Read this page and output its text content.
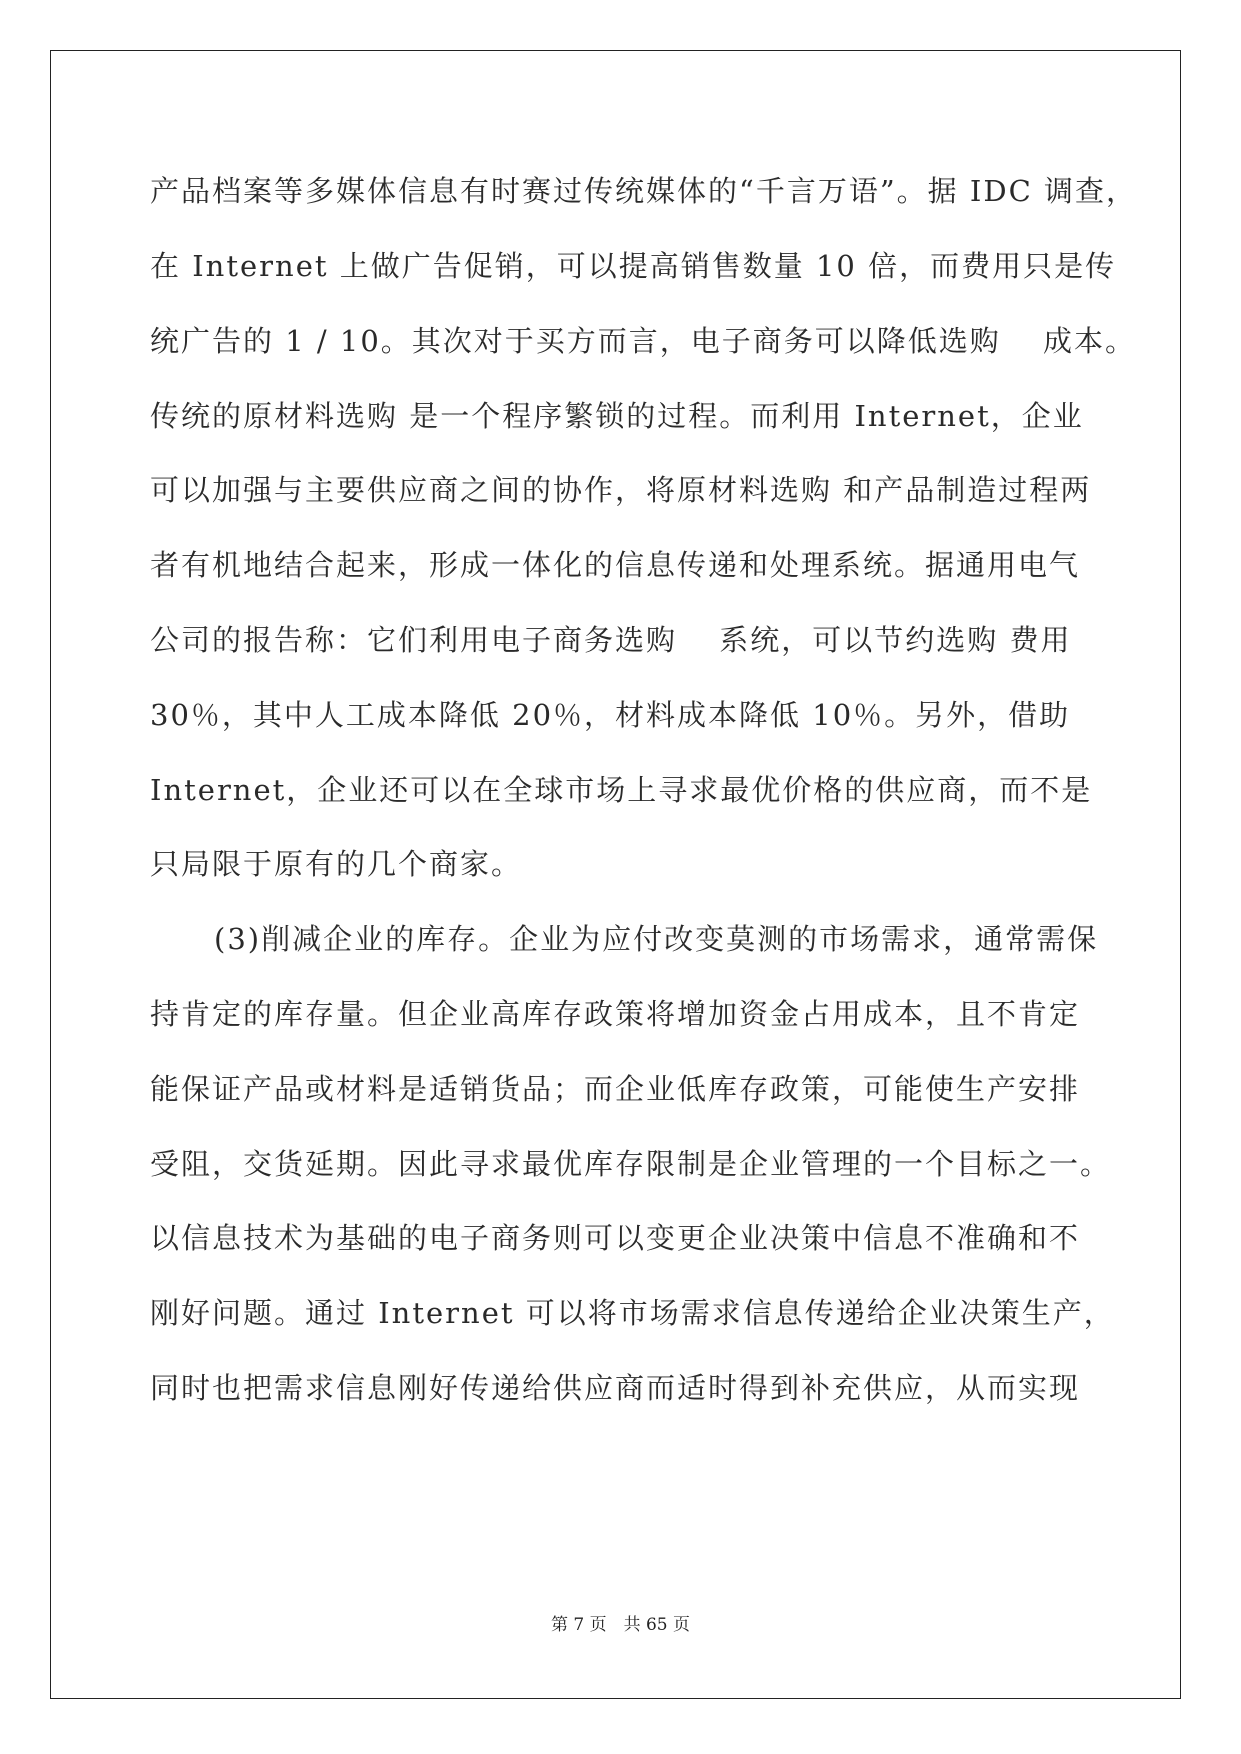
产品档案等多媒体信息有时赛过传统媒体的“千言万语”。据 IDC 调查，
在 Internet 上做广告促销，可以提高销售数量 10 倍，而费用只是传
统广告的 1 / 10。其次对于买方而言，电子商务可以降低选购　 成本。
传统的原材料选购 是一个程序繁锁的过程。而利用 Internet，企业
可以加强与主要供应商之间的协作，将原材料选购 和产品制造过程两
者有机地结合起来，形成一体化的信息传递和处理系统。据通用电气
公司的报告称：它们利用电子商务选购　 系统，可以节约选购 费用
30％，其中人工成本降低 20％，材料成本降低 10％。另外，借助
Internet，企业还可以在全球市场上寻求最优价格的供应商，而不是
只局限于原有的几个商家。
(3)削减企业的库存。企业为应付改变莫测的市场需求，通常需保
持肯定的库存量。但企业高库存政策将增加资金占用成本，且不肯定
能保证产品或材料是适销货品；而企业低库存政策，可能使生产安排
受阻，交货延期。因此寻求最优库存限制是企业管理的一个目标之一。
以信息技术为基础的电子商务则可以变更企业决策中信息不准确和不
刚好问题。通过 Internet 可以将市场需求信息传递给企业决策生产，
同时也把需求信息刚好传递给供应商而适时得到补充供应，从而实现
第 7 页　共 65 页
